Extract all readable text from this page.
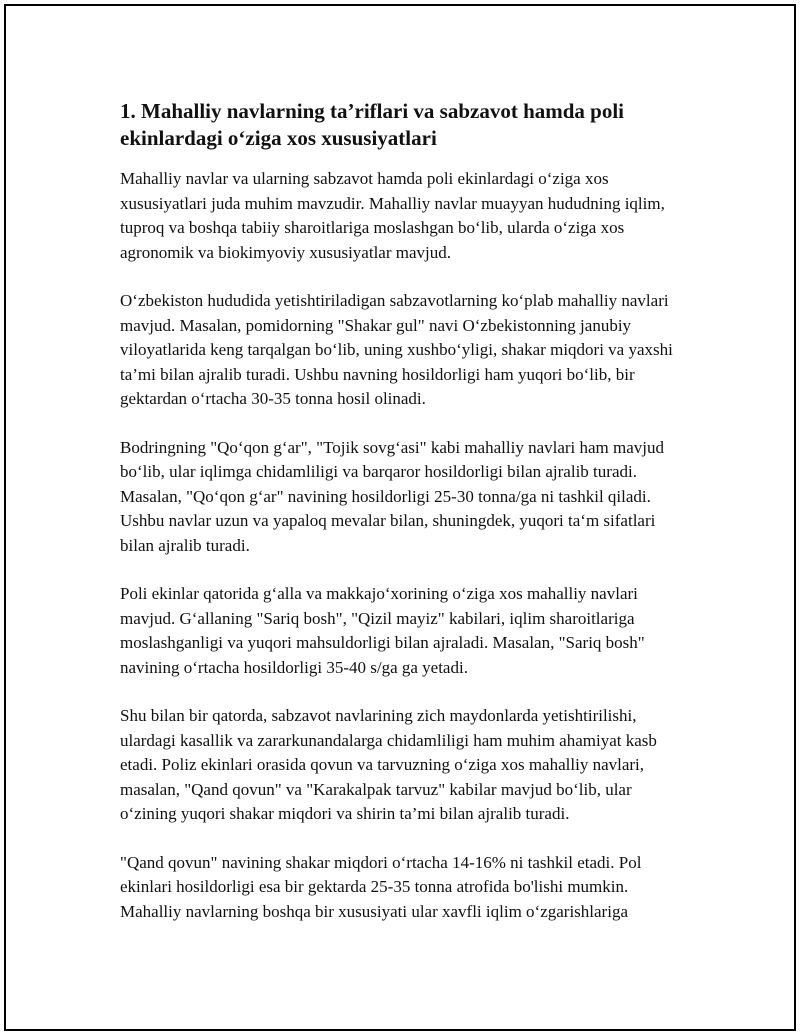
1. Mahalliy navlarning ta’riflari va sabzavot hamda poli ekinlardagi o‘ziga xos xususiyatlari

Mahalliy navlar va ularning sabzavot hamda poli ekinlardagi o‘ziga xos xususiyatlari juda muhim mavzudir. Mahalliy navlar muayyan hududning iqlim, tuproq va boshqa tabiiy sharoitlariga moslashgan bo‘lib, ularda o‘ziga xos agronomik va biokimyoviy xususiyatlar mavjud.

O‘zbekiston hududida yetishtiriladigan sabzavotlarning ko‘plab mahalliy navlari mavjud. Masalan, pomidorning "Shakar gul" navi O‘zbekistonning janubiy viloyatlarida keng tarqalgan bo‘lib, uning xushbo‘yligi, shakar miqdori va yaxshi ta’mi bilan ajralib turadi. Ushbu navning hosildorligi ham yuqori bo‘lib, bir gektardan o‘rtacha 30-35 tonna hosil olinadi.

Bodringning "Qo‘qon g‘ar", "Tojik sovg‘asi" kabi mahalliy navlari ham mavjud bo‘lib, ular iqlimga chidamliligi va barqaror hosildorligi bilan ajralib turadi. Masalan, "Qo‘qon g‘ar" navining hosildorligi 25-30 tonna/ga ni tashkil qiladi. Ushbu navlar uzun va yapaloq mevalar bilan, shuningdek, yuqori ta‘m sifatlari bilan ajralib turadi.

Poli ekinlar qatorida g‘alla va makkajo‘xorining o‘ziga xos mahalliy navlari mavjud. G‘allaning "Sariq bosh", "Qizil mayiz" kabilari, iqlim sharoitlariga moslashganligi va yuqori mahsuldorligi bilan ajraladi. Masalan, "Sariq bosh" navining o‘rtacha hosildorligi 35-40 s/ga ga yetadi.

Shu bilan bir qatorda, sabzavot navlarining zich maydonlarda yetishtirilishi, ulardagi kasallik va zararkunandalarga chidamliligi ham muhim ahamiyat kasb etadi. Poliz ekinlari orasida qovun va tarvuzning o‘ziga xos mahalliy navlari, masalan, "Qand qovun" va "Karakalpak tarvuz" kabilar mavjud bo‘lib, ular o‘zining yuqori shakar miqdori va shirin ta’mi bilan ajralib turadi.

"Qand qovun" navining shakar miqdori o‘rtacha 14-16% ni tashkil etadi. Pol ekinlari hosildorligi esa bir gektarda 25-35 tonna atrofida bo'lishi mumkin. Mahalliy navlarning boshqa bir xususiyati ular xavfli iqlim o‘zgarishlariga
